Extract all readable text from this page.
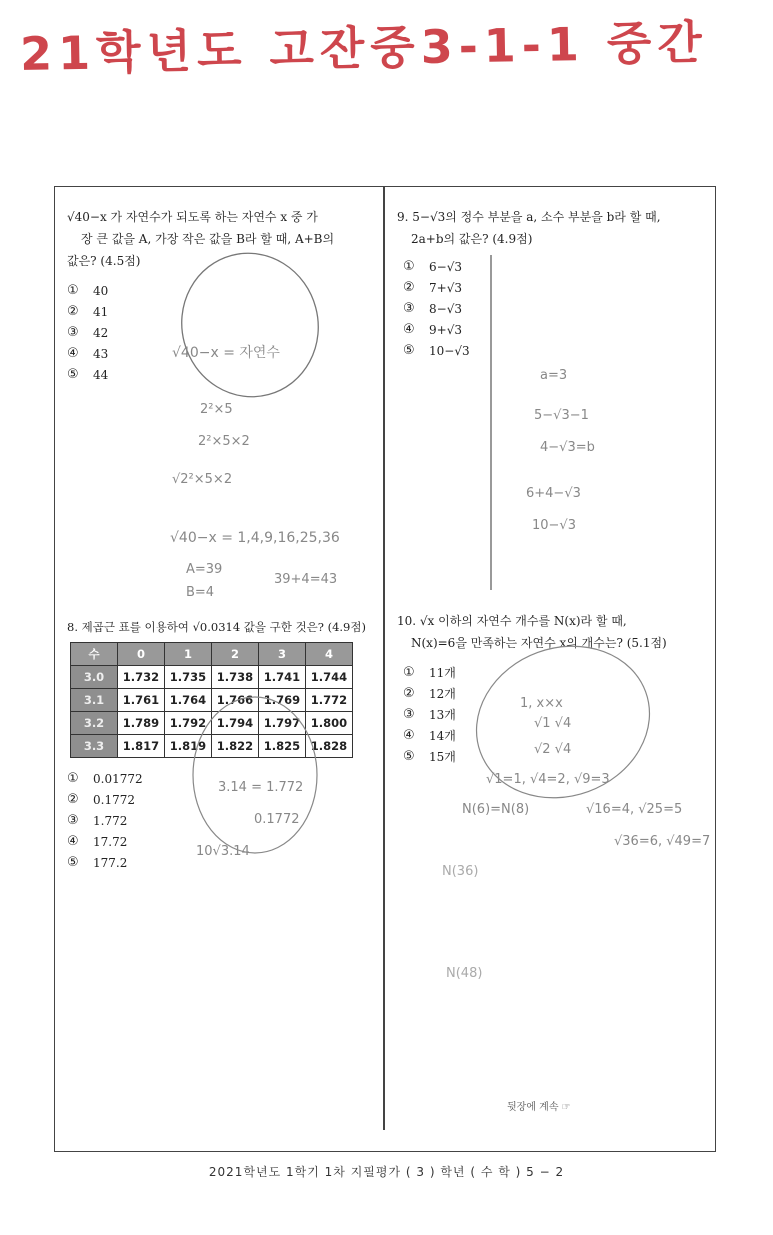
21학년도 고잔중3-1-1 중간
√40−x 가 자연수가 되도록 하는 자연수 x 중 가
장 큰 값을 A, 가장 작은 값을 B라 할 때, A+B의
값은? (4.5점)
①	40
②	41
③	42
④	43
⑤	44
√40−x = 자연수
2²×5
2²×5×2
√2²×5×2
√40−x = 1,4,9,16,25,36
A=39
B=4
39+4=43
8. 제곱근 표를 이용하여 √0.0314 값을 구한 것은? (4.9점)
수	0	1	2	3	4
3.0	1.732	1.735	1.738	1.741	1.744
3.1	1.761	1.764	1.766	1.769	1.772
3.2	1.789	1.792	1.794	1.797	1.800
3.3	1.817	1.819	1.822	1.825	1.828
①	0.01772
②	0.1772
③	1.772
④	17.72
⑤	177.2
3.14 = 1.772
0.1772
10√3.14
9. 5−√3의 정수 부분을 a, 소수 부분을 b라 할 때,
2a+b의 값은? (4.9점)
①	6−√3
②	7+√3
③	8−√3
④	9+√3
⑤	10−√3
a=3
5−√3−1
4−√3=b
6+4−√3
10−√3
10. √x 이하의 자연수 개수를 N(x)라 할 때,
N(x)=6을 만족하는 자연수 x의 개수는? (5.1점)
①	11개
②	12개
③	13개
④	14개
⑤	15개
1, x×x
√1 √4
√2 √4
√1=1, √4=2, √9=3
N(6)=N(8)	√16=4, √25=5
√36=6, √49=7
N(36)
N(48)
뒷장에 계속 ☞
2021학년도 1학기 1차 지필평가 ( 3 ) 학년 ( 수 학 ) 5 − 2
